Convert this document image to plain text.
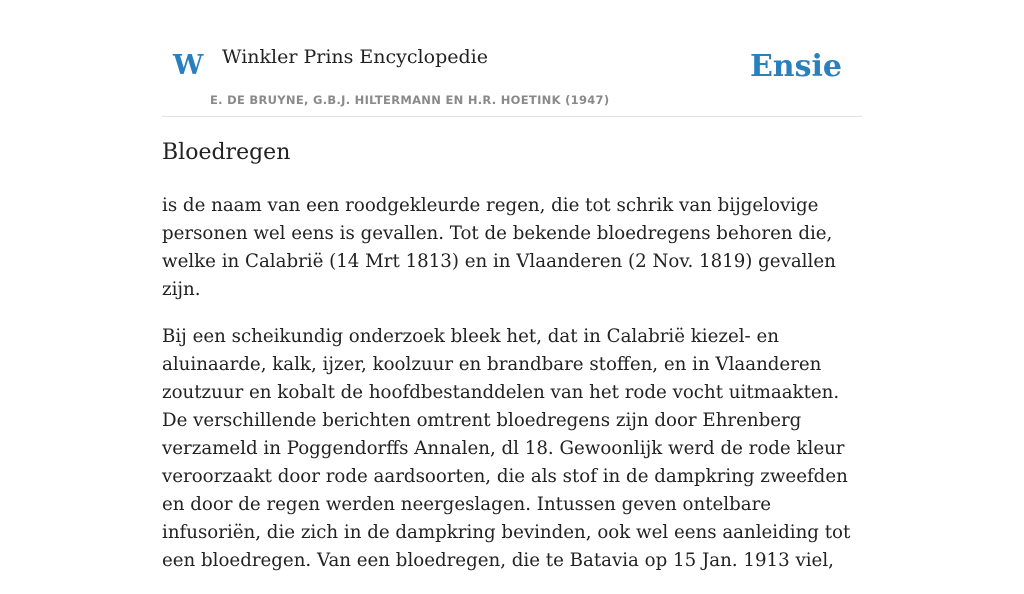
W Winkler Prins Encyclopedie
E. DE BRUYNE, G.B.J. HILTERMANN EN H.R. HOETINK (1947)
Ensie
Bloedregen

is de naam van een roodgekleurde regen, die tot schrik van bijgelovige personen wel eens is gevallen. Tot de bekende bloedregens behoren die, welke in Calabrië (14 Mrt 1813) en in Vlaanderen (2 Nov. 1819) gevallen zijn.

Bij een scheikundig onderzoek bleek het, dat in Calabrië kiezel- en aluinaarde, kalk, ijzer, koolzuur en brandbare stoffen, en in Vlaanderen zoutzuur en kobalt de hoofdbestanddelen van het rode vocht uitmaakten. De verschillende berichten omtrent bloedregens zijn door Ehrenberg verzameld in Poggendorffs Annalen, dl 18. Gewoonlijk werd de rode kleur veroorzaakt door rode aardsoorten, die als stof in de dampkring zweefden en door de regen werden neergeslagen. Intussen geven ontelbare infusoriën, die zich in de dampkring bevinden, ook wel eens aanleiding tot een bloedregen. Van een bloedregen, die te Batavia op 15 Jan. 1913 viel,
